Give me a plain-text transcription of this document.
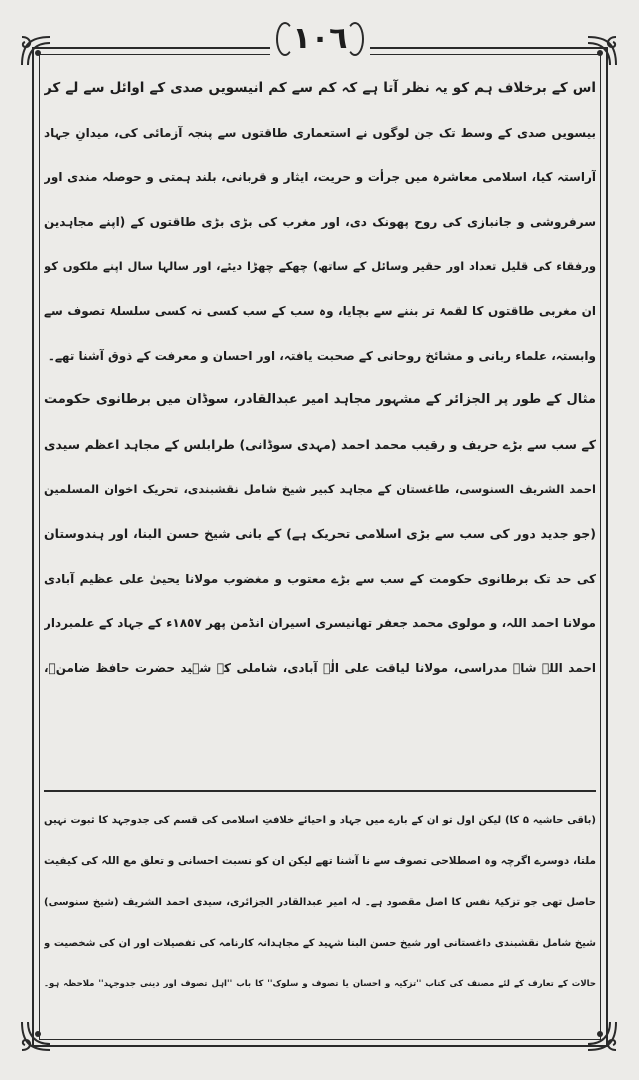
١٠٦
اس کے برخلاف ہم کو یہ نظر آتا ہے کہ کم سے کم انیسویں صدی کے اوائل سے لے کر
بیسویں صدی کے وسط تک جن لوگوں نے استعماری طاقتوں سے پنجہ آزمائی کی، میدانِ جہاد
آراستہ کیا، اسلامی معاشرہ میں جرأت و حریت، ایثار و قربانی، بلند ہمتی و حوصلہ مندی اور
سرفروشی و جانبازی کی روح پھونک دی، اور مغرب کی بڑی بڑی طاقتوں کے (اپنے مجاہدین
ورفقاء کی قلیل تعداد اور حقیر وسائل کے ساتھ) چھکے چھڑا دیئے، اور سالہا سال اپنے ملکوں کو
ان مغربی طاقتوں کا لقمۂ تر بننے سے بچایا، وہ سب کے سب کسی نہ کسی سلسلۂ تصوف سے
وابستہ، علماء ربانی و مشائخ روحانی کے صحبت یافتہ، اور احسان و معرفت کے ذوق آشنا تھے۔
مثال کے طور پر الجزائر کے مشہور مجاہد امیر عبدالقادر، سوڈان میں برطانوی حکومت
کے سب سے بڑے حریف و رقیب محمد احمد (مہدی سوڈانی) طرابلس کے مجاہد اعظم سیدی
احمد الشریف السنوسی، طاغستان کے مجاہد کبیر شیخ شامل نقشبندی، تحریک اخوان المسلمین
(جو جدید دور کی سب سے بڑی اسلامی تحریک ہے) کے بانی شیخ حسن البنا، اور ہندوستان
کی حد تک برطانوی حکومت کے سب سے بڑے معتوب و مغضوب مولانا یحییٰ علی عظیم آبادی
مولانا احمد اللہ، و مولوی محمد جعفر تھانیسری اسیران انڈمن پھر ١٨٥٧ء کے جہاد کے علمبردار
احمد اللہ شاہ مدراسی، مولانا لیاقت علی الٰہ آبادی، شاملی کے شہید حضرت حافظ ضامنؒ،
(باقی حاشیہ ۵ کا) لیکن اول تو ان کے بارے میں جہاد و احیائے خلافتِ اسلامی کی قسم کی جدوجہد کا ثبوت نہیں
ملتا، دوسرے اگرچہ وہ اصطلاحی تصوف سے نا آشنا تھے لیکن ان کو نسبت احسانی و تعلق مع اللہ کی کیفیت
حاصل تھی جو تزکیۂ نفس کا اصل مقصود ہے۔ لہ امیر عبدالقادر الجزائری، سیدی احمد الشریف (شیخ سنوسی)
شیخ شامل نقشبندی داغستانی اور شیخ حسن البنا شہید کے مجاہدانہ کارنامہ کی تفصیلات اور ان کی شخصیت و
حالات کے تعارف کے لئے مصنف کی کتاب ''تزکیہ و احسان یا تصوف و سلوک'' کا باب ''اہل تصوف اور دینی جدوجہد'' ملاحظہ ہو۔
